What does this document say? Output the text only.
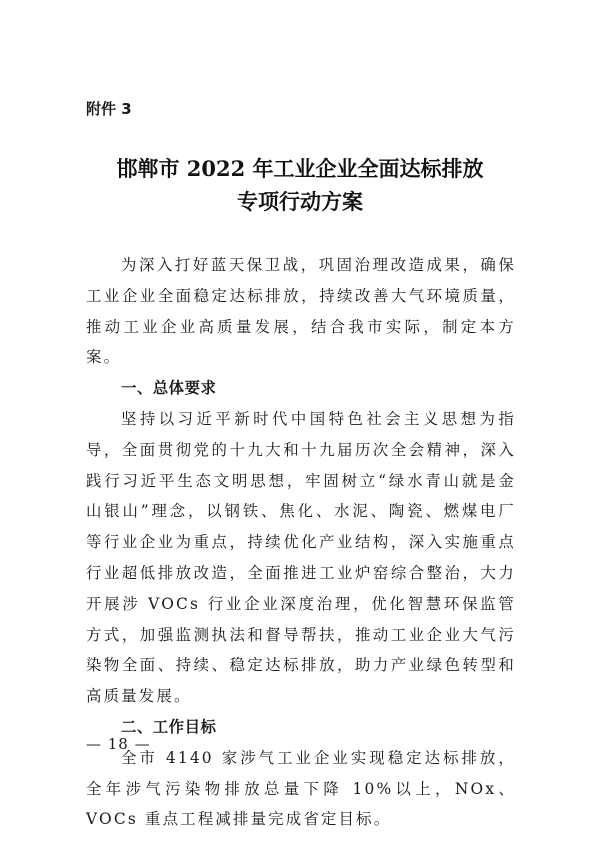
附件 3
邯郸市 2022 年工业企业全面达标排放
专项行动方案

为深入打好蓝天保卫战，巩固治理改造成果，确保工业企业全面稳定达标排放，持续改善大气环境质量，推动工业企业高质量发展，结合我市实际，制定本方案。

一、总体要求

坚持以习近平新时代中国特色社会主义思想为指导，全面贯彻党的十九大和十九届历次全会精神，深入践行习近平生态文明思想，牢固树立“绿水青山就是金山银山”理念，以钢铁、焦化、水泥、陶瓷、燃煤电厂等行业企业为重点，持续优化产业结构，深入实施重点行业超低排放改造，全面推进工业炉窑综合整治，大力开展涉 VOCs 行业企业深度治理，优化智慧环保监管方式，加强监测执法和督导帮扶，推动工业企业大气污染物全面、持续、稳定达标排放，助力产业绿色转型和高质量发展。

二、工作目标

全市 4140 家涉气工业企业实现稳定达标排放，全年涉气污染物排放总量下降 10%以上，NOx、VOCs 重点工程减排量完成省定目标。

— 18 —
